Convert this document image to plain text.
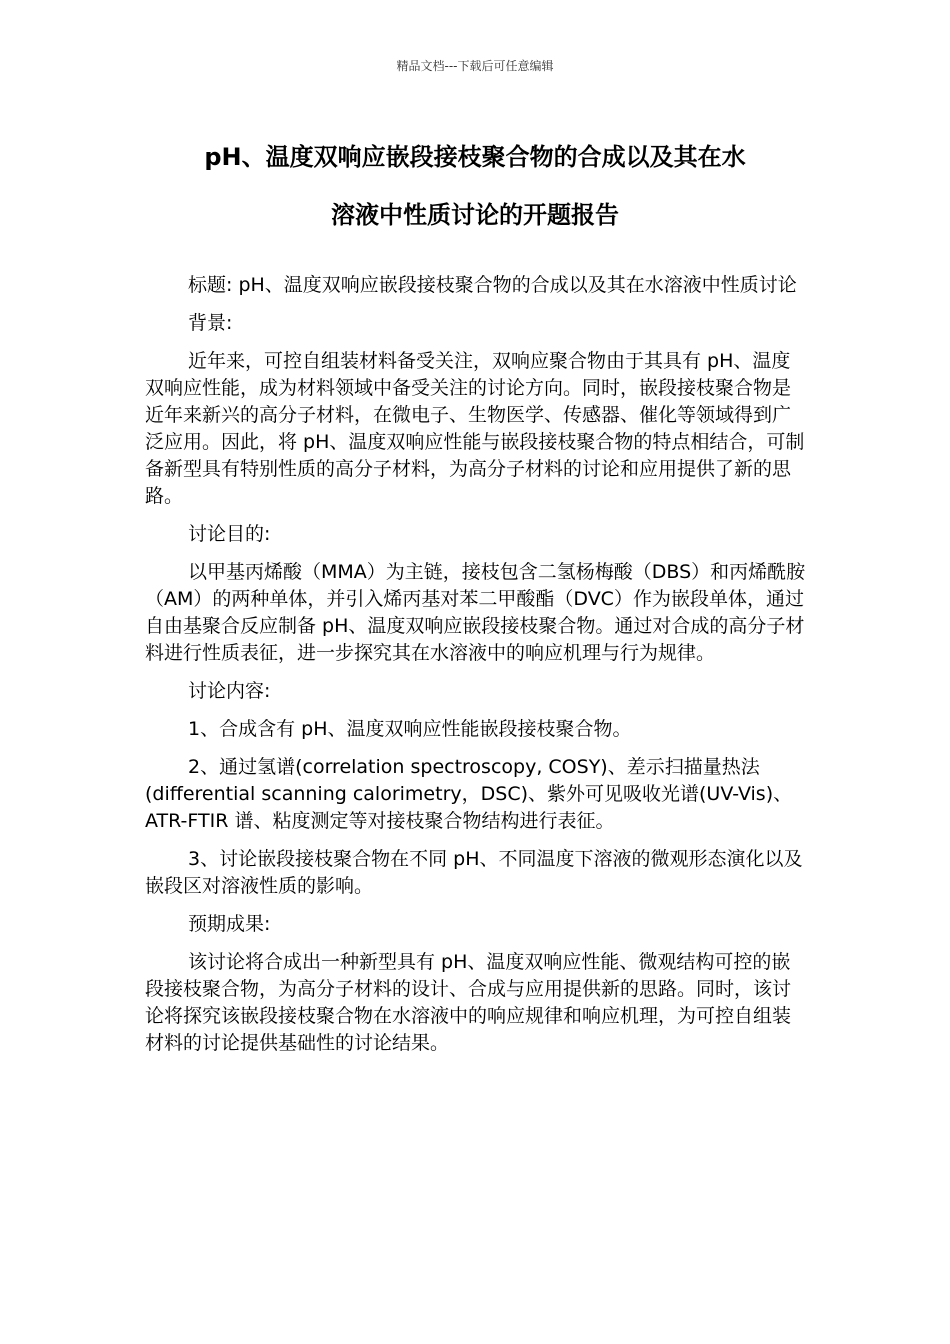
精品文档---下载后可任意编辑
pH、温度双响应嵌段接枝聚合物的合成以及其在水
溶液中性质讨论的开题报告

标题: pH、温度双响应嵌段接枝聚合物的合成以及其在水溶液中性质讨论

背景:

近年来，可控自组装材料备受关注，双响应聚合物由于其具有 pH、温度双响应性能，成为材料领域中备受关注的讨论方向。同时，嵌段接枝聚合物是近年来新兴的高分子材料，在微电子、生物医学、传感器、催化等领域得到广泛应用。因此，将 pH、温度双响应性能与嵌段接枝聚合物的特点相结合，可制备新型具有特别性质的高分子材料，为高分子材料的讨论和应用提供了新的思路。

讨论目的:

以甲基丙烯酸（MMA）为主链，接枝包含二氢杨梅酸（DBS）和丙烯酰胺（AM）的两种单体，并引入烯丙基对苯二甲酸酯（DVC）作为嵌段单体，通过自由基聚合反应制备 pH、温度双响应嵌段接枝聚合物。通过对合成的高分子材料进行性质表征，进一步探究其在水溶液中的响应机理与行为规律。

讨论内容:

1、合成含有 pH、温度双响应性能嵌段接枝聚合物。

2、通过氢谱(correlation spectroscopy, COSY)、差示扫描量热法(differential scanning calorimetry，DSC)、紫外可见吸收光谱(UV-Vis)、ATR-FTIR 谱、粘度测定等对接枝聚合物结构进行表征。

3、讨论嵌段接枝聚合物在不同 pH、不同温度下溶液的微观形态演化以及嵌段区对溶液性质的影响。

预期成果:

该讨论将合成出一种新型具有 pH、温度双响应性能、微观结构可控的嵌段接枝聚合物，为高分子材料的设计、合成与应用提供新的思路。同时，该讨论将探究该嵌段接枝聚合物在水溶液中的响应规律和响应机理，为可控自组装材料的讨论提供基础性的讨论结果。
